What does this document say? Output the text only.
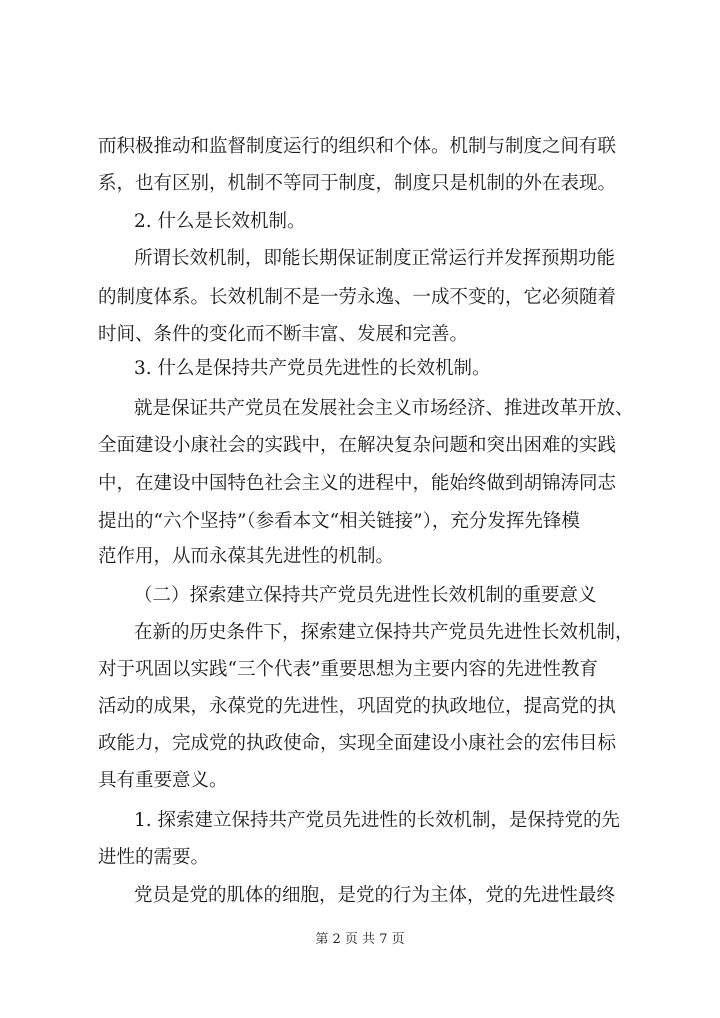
而积极推动和监督制度运行的组织和个体。机制与制度之间有联
系，也有区别，机制不等同于制度，制度只是机制的外在表现。
2. 什么是长效机制。
所谓长效机制，即能长期保证制度正常运行并发挥预期功能
的制度体系。长效机制不是一劳永逸、一成不变的，它必须随着
时间、条件的变化而不断丰富、发展和完善。
3. 什么是保持共产党员先进性的长效机制。
就是保证共产党员在发展社会主义市场经济、推进改革开放、
全面建设小康社会的实践中，在解决复杂问题和突出困难的实践
中，在建设中国特色社会主义的进程中，能始终做到胡锦涛同志
提出的“六个坚持”（参看本文“相关链接”），充分发挥先锋模
范作用，从而永葆其先进性的机制。
（二）探索建立保持共产党员先进性长效机制的重要意义
在新的历史条件下，探索建立保持共产党员先进性长效机制，
对于巩固以实践“三个代表”重要思想为主要内容的先进性教育
活动的成果，永葆党的先进性，巩固党的执政地位，提高党的执
政能力，完成党的执政使命，实现全面建设小康社会的宏伟目标
具有重要意义。
1. 探索建立保持共产党员先进性的长效机制，是保持党的先
进性的需要。
党员是党的肌体的细胞，是党的行为主体，党的先进性最终
第 2 页 共 7 页
